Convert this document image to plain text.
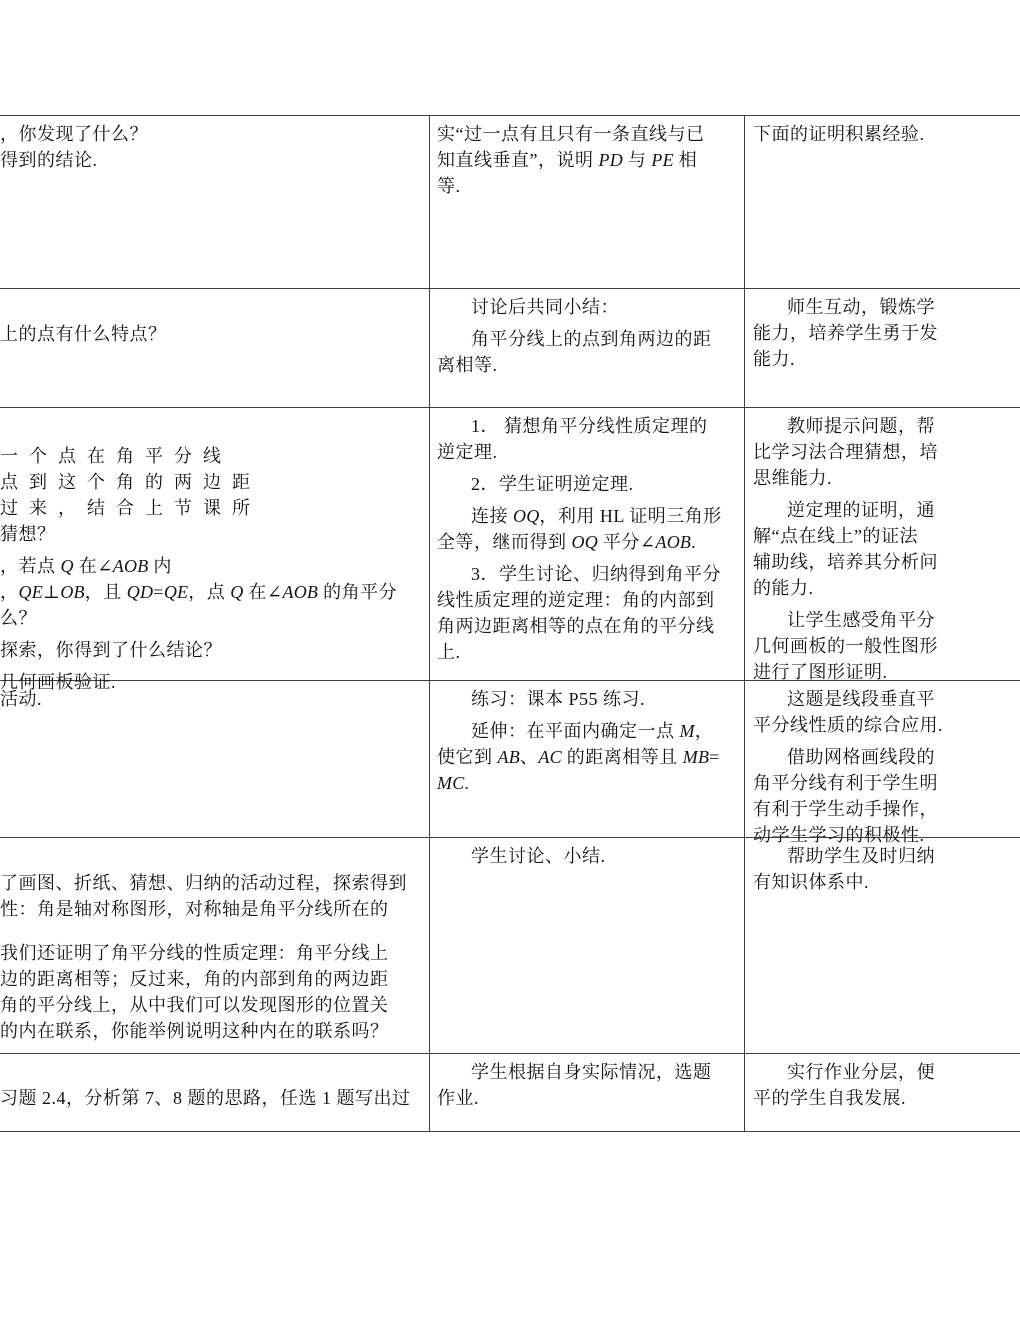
，你发现了什么？
得到的结论.
实“过一点有且只有一条直线与已
知直线垂直”，说明 PD 与 PE 相
等.
下面的证明积累经验.
上的点有什么特点？
讨论后共同小结：
角平分线上的点到角两边的距
离相等.
师生互动，锻炼学
能力，培养学生勇于发
能力.
一个点在角平分线
点到这个角的两边距
过来，结合上节课所
猜想？
，若点 Q 在∠AOB 内
，QE⊥OB，且 QD=QE，点 Q 在∠AOB 的角平分
么？
探索，你得到了什么结论？
几何画板验证.
1． 猜想角平分线性质定理的
逆定理.
2．学生证明逆定理.
连接 OQ，利用 HL 证明三角形
全等，继而得到 OQ 平分∠AOB.
3．学生讨论、归纳得到角平分
线性质定理的逆定理：角的内部到
角两边距离相等的点在角的平分线
上.
教师提示问题，帮
比学习法合理猜想，培
思维能力.
逆定理的证明，通
解“点在线上”的证法
辅助线，培养其分析问
的能力.
让学生感受角平分
几何画板的一般性图形
进行了图形证明.
活动.	练习：课本 P55 练习.
延伸：在平面内确定一点 M，
使它到 AB、AC 的距离相等且 MB=
MC.
这题是线段垂直平
平分线性质的综合应用.
借助网格画线段的
角平分线有利于学生明
有利于学生动手操作，
动学生学习的积极性.
了画图、折纸、猜想、归纳的活动过程，探索得到
性：角是轴对称图形，对称轴是角平分线所在的
我们还证明了角平分线的性质定理：角平分线上
边的距离相等；反过来，角的内部到角的两边距
角的平分线上，从中我们可以发现图形的位置关
的内在联系，你能举例说明这种内在的联系吗？
学生讨论、小结.	帮助学生及时归纳
有知识体系中.
习题 2.4，分析第 7、8 题的思路，任选 1 题写出过
学生根据自身实际情况，选题
作业.
实行作业分层，便
平的学生自我发展.
